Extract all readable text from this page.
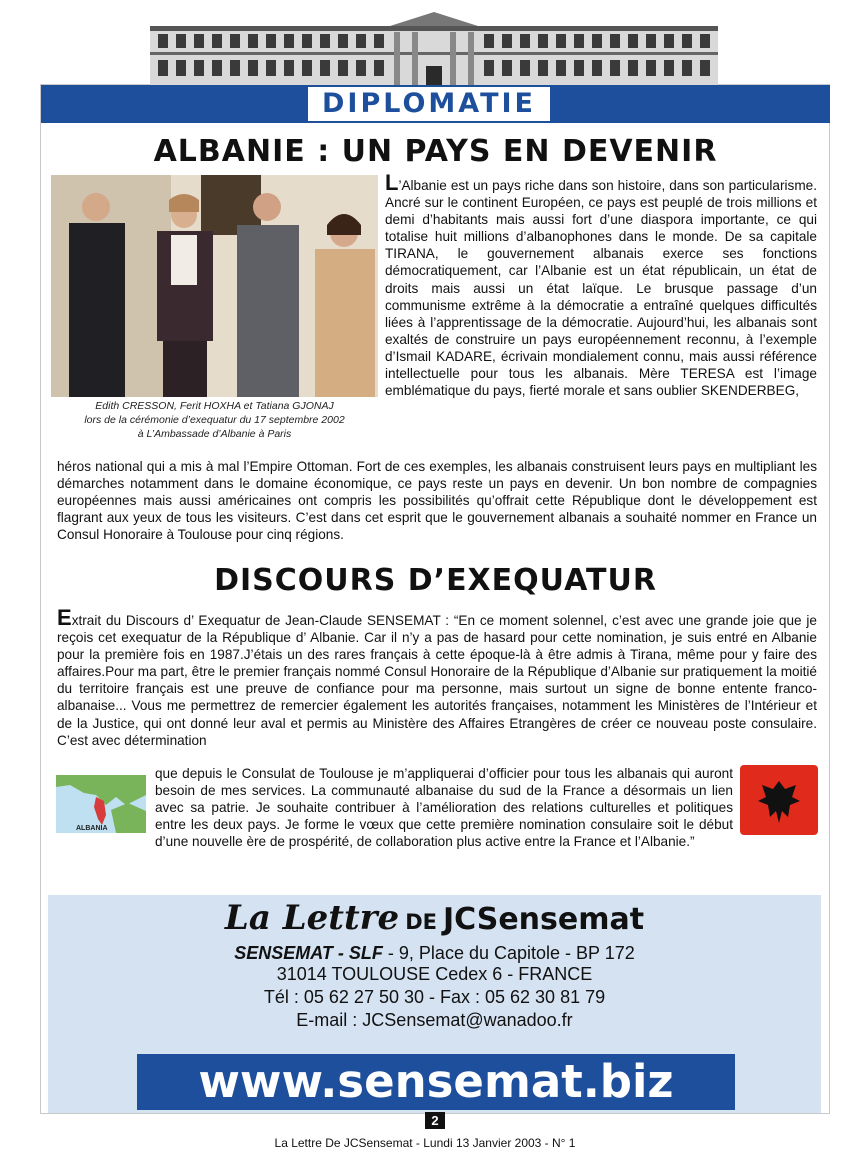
DIPLOMATIE
ALBANIE : UN PAYS EN DEVENIR
Edith CRESSON, Ferit HOXHA et Tatiana GJONAJ
lors de la cérémonie d’exequatur du 17 septembre 2002
à L’Ambassade d’Albanie à Paris
L’Albanie est un pays riche dans son histoire, dans son particularisme. Ancré sur le continent Européen, ce pays est peuplé de trois millions et demi d’habitants mais aussi fort d’une diaspora importante, ce qui totalise huit millions d’albanophones dans le monde. De sa capitale TIRANA, le gouvernement albanais exerce ses fonctions démocratiquement, car l’Albanie est un état républicain, un état de droits mais aussi un état laïque. Le brusque passage d’un communisme extrême à la démocratie a entraîné quelques difficultés liées à l’apprentissage de la démocratie. Aujourd’hui, les albanais sont exaltés de construire un pays européennement reconnu, à l’exemple d’Ismail KADARE, écrivain mondialement connu, mais aussi référence intellectuelle pour tous les albanais. Mère TERESA est l’image emblématique du pays, fierté morale et sans oublier SKENDERBEG,
héros national qui a mis à mal l’Empire Ottoman. Fort de ces exemples, les albanais construisent leurs pays en multipliant les démarches notamment dans le domaine économique, ce pays reste un pays en devenir. Un bon nombre de compagnies européennes mais aussi américaines ont compris les possibilités qu’offrait cette République dont le développement est flagrant aux yeux de tous les visiteurs. C’est dans cet esprit que le gouvernement albanais a souhaité nommer en France un Consul Honoraire à Toulouse pour cinq régions.
DISCOURS D’EXEQUATUR
Extrait du Discours d’ Exequatur de Jean-Claude SENSEMAT : “En ce moment solennel, c’est avec une grande joie que je reçois cet exequatur de la République d’ Albanie. Car il n’y a pas de hasard pour cette nomination, je suis entré en Albanie pour la première fois en 1987.J’étais un des rares français à cette époque-là à être admis à Tirana, même pour y faire des affaires.Pour ma part, être le premier français nommé Consul Honoraire de la République d’Albanie sur pratiquement la moitié du territoire français est une preuve de confiance pour ma personne, mais surtout un signe de bonne entente franco-albanaise... Vous me permettrez de remercier également les autorités françaises, notamment les Ministères de l’Intérieur et de la Justice, qui ont donné leur aval et permis au Ministère des Affaires Etrangères de créer ce nouveau poste consulaire. C’est avec détermination
ALBANIA
que depuis le Consulat de Toulouse je m’appliquerai d’officier pour tous les albanais qui auront besoin de mes services. La communauté albanaise du sud de la France a désormais un lien avec sa patrie. Je souhaite contribuer à l’amélioration des relations culturelles et politiques entre les deux pays. Je forme le vœux que cette première nomination consulaire soit le début d’une nouvelle ère de prospérité, de collaboration plus active entre la France et l’Albanie.”
La Lettre DE JCSensemat
SENSEMAT - SLF - 9, Place du Capitole - BP 172
31014 TOULOUSE Cedex 6 - FRANCE
Tél : 05 62 27 50 30 - Fax : 05 62 30 81 79
E-mail : JCSensemat@wanadoo.fr
www.sensemat.biz
2
La Lettre De JCSensemat - Lundi 13 Janvier 2003 - N° 1
